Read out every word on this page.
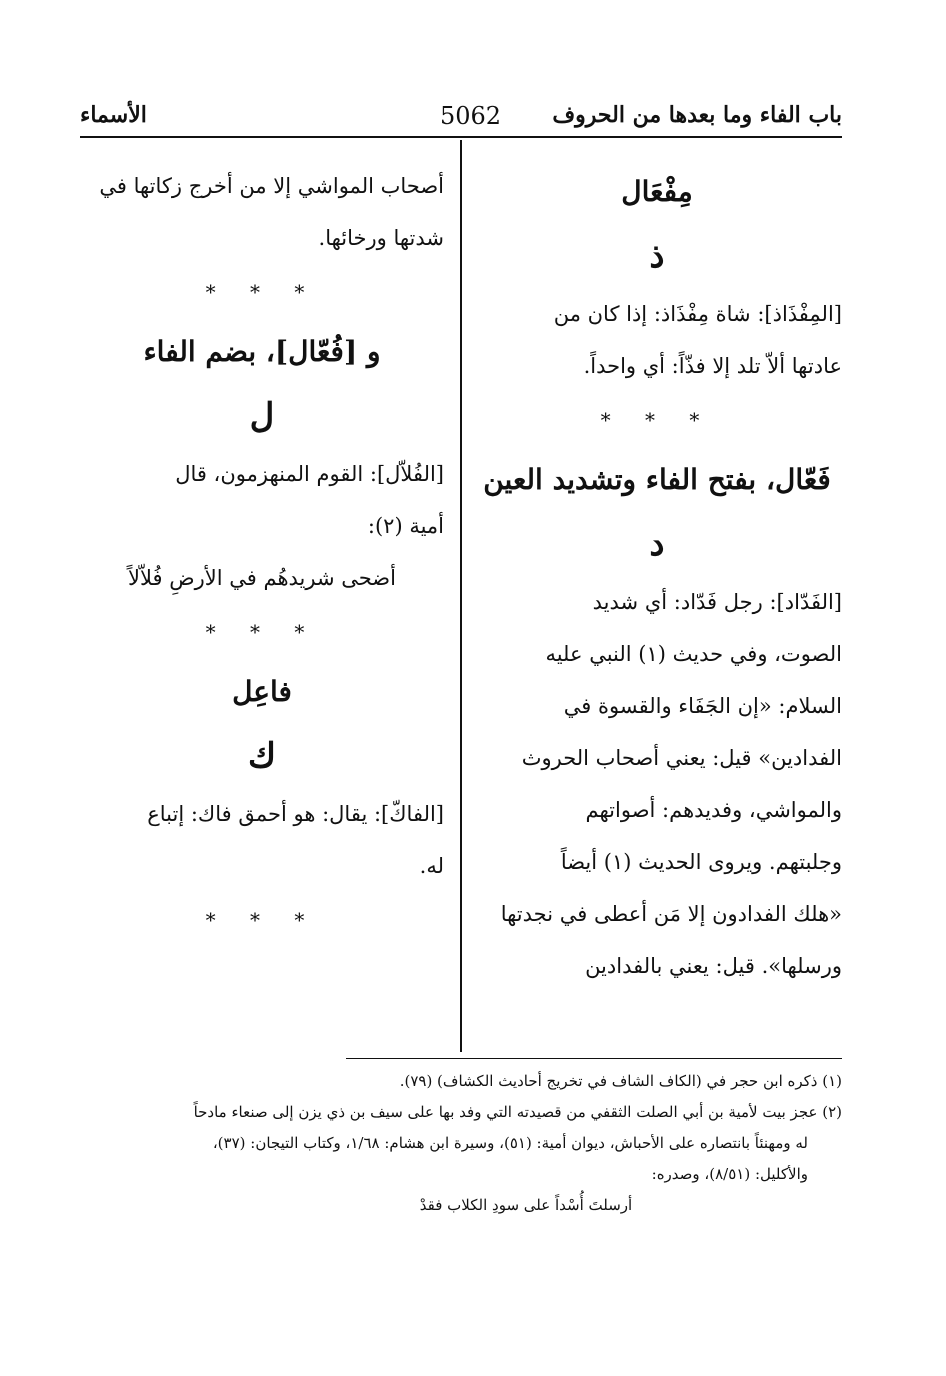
باب الفاء وما بعدها من الحروف
5062
الأسماء
مِفْعَال
ذ
[المِفْذَاذ]: شاة مِفْذَاذ: إذا كان من
عادتها ألاّ تلد إلا فذّاً: أي واحداً.
* * *
فَعّال، بفتح الفاء وتشديد العين
د
[الفَدّاد]: رجل فَدّاد: أي شديد
الصوت، وفي حديث (١) النبي عليه
السلام: «إن الجَفَاء والقسوة في
الفدادين» قيل: يعني أصحاب الحروث
والمواشي، وفديدهم: أصواتهم
وجلبتهم. ويروى الحديث (١) أيضاً
«هلك الفدادون إلا مَن أعطى في نجدتها
ورسلها». قيل: يعني بالفدادين
أصحاب المواشي إلا من أخرج زكاتها في
شدتها ورخائها.
* * *
و [فُعّال]، بضم الفاء
ل
[الفُلاّل]: القوم المنهزمون، قال
أمية (٢):
أضحى شريدهُم في الأرضِ فُلاّلاً
* * *
فاعِل
ك
[الفاكّ]: يقال: هو أحمق فاك: إتباع
له.
* * *
(١) ذكره ابن حجر في (الكاف الشاف في تخريج أحاديث الكشاف) (٧٩).
(٢) عجز بيت لأمية بن أبي الصلت الثقفي من قصيدته التي وفد بها على سيف بن ذي يزن إلى صنعاء مادحاً
له ومهنئاً بانتصاره على الأحباش، ديوان أمية: (٥١)، وسيرة ابن هشام: ١/٦٨، وكتاب التيجان: (٣٧)،
والأكليل: (٨/٥١)، وصدره:
أرسلتَ أُسْداً على سودِ الكلاب فقدْ
